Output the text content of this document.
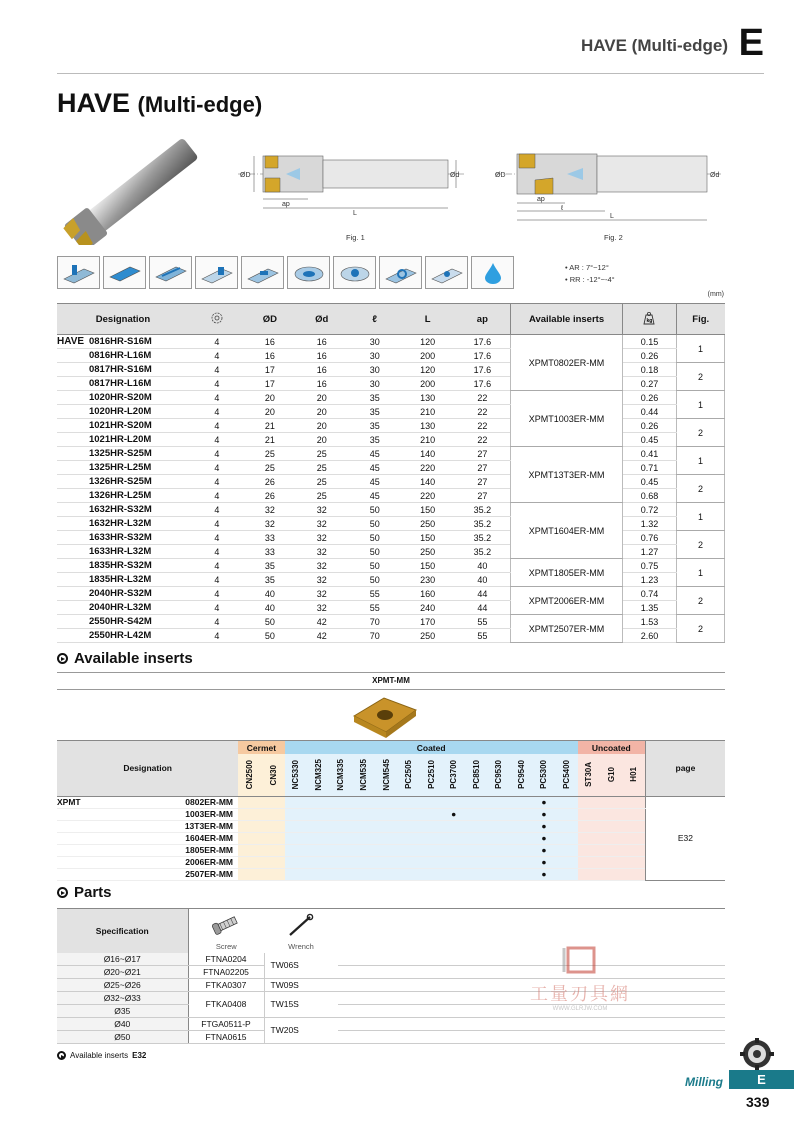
HAVE (Multi-edge) E
HAVE (Multi-edge)
ØD	Ød
ap
L
Fig. 1
ØD	Ød
ap
ℓ
L
Fig. 2
• AR : 7°~12°
• RR : -12°~-4°
(mm)
Designation			ØD	Ød	ℓ	L	ap	Available inserts	kg	Fig.
HAVE	0816HR-S16M	4	16	16	30	120	17.6	XPMT0802ER-MM	0.15	1
	0816HR-L16M	4	16	16	30	200	17.6		0.26	
	0817HR-S16M	4	17	16	30	120	17.6		0.18	2
	0817HR-L16M	4	17	16	30	200	17.6		0.27	
	1020HR-S20M	4	20	20	35	130	22	XPMT1003ER-MM	0.26	1
	1020HR-L20M	4	20	20	35	210	22		0.44	
	1021HR-S20M	4	21	20	35	130	22		0.26	2
	1021HR-L20M	4	21	20	35	210	22		0.45	
	1325HR-S25M	4	25	25	45	140	27	XPMT13T3ER-MM	0.41	1
	1325HR-L25M	4	25	25	45	220	27		0.71	
	1326HR-S25M	4	26	25	45	140	27		0.45	2
	1326HR-L25M	4	26	25	45	220	27		0.68	
	1632HR-S32M	4	32	32	50	150	35.2	XPMT1604ER-MM	0.72	1
	1632HR-L32M	4	32	32	50	250	35.2		1.32	
	1633HR-S32M	4	33	32	50	150	35.2		0.76	2
	1633HR-L32M	4	33	32	50	250	35.2		1.27	
	1835HR-S32M	4	35	32	50	150	40	XPMT1805ER-MM	0.75	1
	1835HR-L32M	4	35	32	50	230	40		1.23	
	2040HR-S32M	4	40	32	55	160	44	XPMT2006ER-MM	0.74	2
	2040HR-L32M	4	40	32	55	240	44		1.35	
	2550HR-S42M	4	50	42	70	170	55	XPMT2507ER-MM	1.53	2
	2550HR-L42M	4	50	42	70	250	55		2.60	
Available inserts
XPMT-MM
Designation	Cermet		Coated													Uncoated			page

	CN2500	CN30	NC5330	NCM325	NCM335	NCM535	NCM545	PC2505	PC2510	PC3700	PC8510	PC9530	PC9540	PC5300	PC5400	ST30A	G10	H01	

XPMT 0802ER-MM														●					E32
1003ER-MM										●				●					
13T3ER-MM														●					
1604ER-MM														●					
1805ER-MM														●					
2006ER-MM														●					
2507ER-MM														●					
Parts
Specification	Screw	Wrench	

Ø16~Ø17	FTNA0204	TW06S	
Ø20~Ø21	FTNA02205		
Ø25~Ø26	FTKA0307	TW09S	
Ø32~Ø33	FTKA0408	TW15S	
Ø35			
Ø40	FTGA0511-P	TW20S	
Ø50	FTNA0615		
工量刃具網
WWW.GLRJW.COM
Available inserts E32
Milling	E
339
